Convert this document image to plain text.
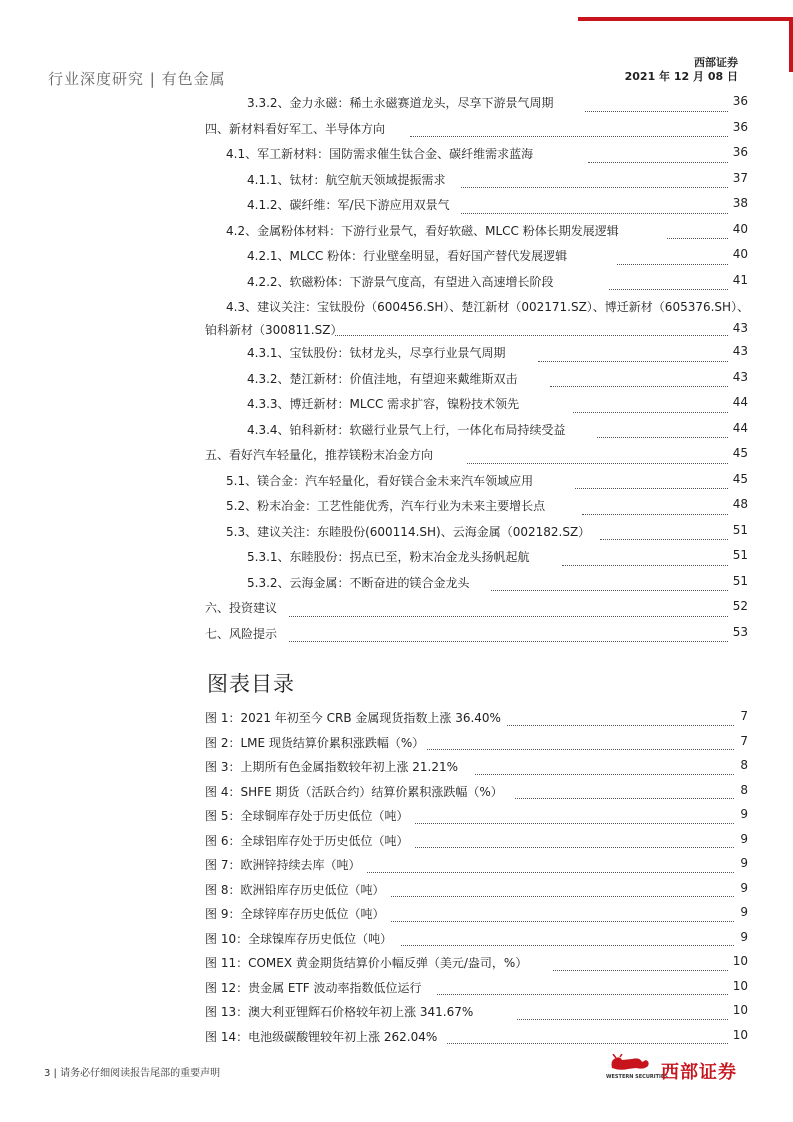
行业深度研究 | 有色金属
西部证券
2021 年 12 月 08 日
3.3.2、金力永磁：稀土永磁赛道龙头，尽享下游景气周期	36
四、新材料看好军工、半导体方向	36
4.1、军工新材料：国防需求催生钛合金、碳纤维需求蓝海	36
4.1.1、钛材：航空航天领域提振需求	37
4.1.2、碳纤维：军/民下游应用双景气	38
4.2、金属粉体材料：下游行业景气，看好软磁、MLCC 粉体长期发展逻辑	40
4.2.1、MLCC 粉体：行业壁垒明显，看好国产替代发展逻辑	40
4.2.2、软磁粉体：下游景气度高，有望进入高速增长阶段	41
4.3、建议关注：宝钛股份（600456.SH）、楚江新材（002171.SZ）、博迁新材（605376.SH）、
铂科新材（300811.SZ）	43
4.3.1、宝钛股份：钛材龙头，尽享行业景气周期	43
4.3.2、楚江新材：价值洼地，有望迎来戴维斯双击	43
4.3.3、博迁新材：MLCC 需求扩容，镍粉技术领先	44
4.3.4、铂科新材：软磁行业景气上行，一体化布局持续受益	44
五、看好汽车轻量化，推荐镁粉末冶金方向	45
5.1、镁合金：汽车轻量化，看好镁合金未来汽车领域应用	45
5.2、粉末冶金：工艺性能优秀，汽车行业为未来主要增长点	48
5.3、建议关注：东睦股份(600114.SH)、云海金属（002182.SZ）	51
5.3.1、东睦股份：拐点已至，粉末冶金龙头扬帆起航	51
5.3.2、云海金属：不断奋进的镁合金龙头	51
六、投资建议	52
七、风险提示	53
图表目录
图 1：2021 年初至今 CRB 金属现货指数上涨 36.40%	7
图 2：LME 现货结算价累积涨跌幅（%）	7
图 3：上期所有色金属指数较年初上涨 21.21%	8
图 4：SHFE 期货（活跃合约）结算价累积涨跌幅（%）	8
图 5：全球铜库存处于历史低位（吨）	9
图 6：全球铝库存处于历史低位（吨）	9
图 7：欧洲锌持续去库（吨）	9
图 8：欧洲铅库存历史低位（吨）	9
图 9：全球锌库存历史低位（吨）	9
图 10：全球镍库存历史低位（吨）	9
图 11：COMEX 黄金期货结算价小幅反弹（美元/盎司，%）	10
图 12：贵金属 ETF 波动率指数低位运行	10
图 13：澳大利亚锂辉石价格较年初上涨 341.67%	10
图 14：电池级碳酸锂较年初上涨 262.04%	10
3 | 请务必仔细阅读报告尾部的重要声明	WESTERN SECURITIES
西部证券
